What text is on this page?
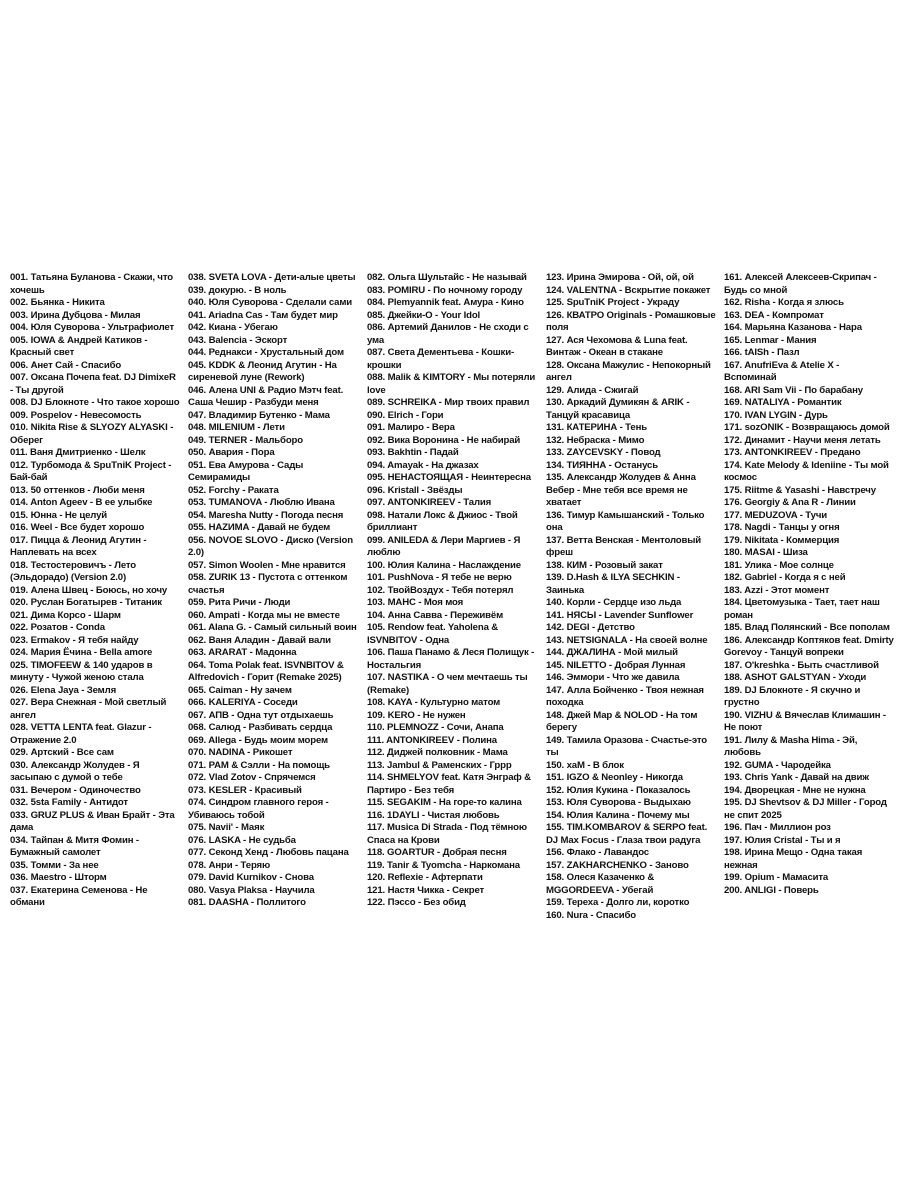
001. Татьяна Буланова - Скажи, что хочешь
002. Бьянка - Никита
003. Ирина Дубцова - Милая
004. Юля Суворова - Ультрафиолет
005. IOWA & Андрей Катиков - Красный свет
006. Анет Сай - Спасибо
007. Оксана Почепа feat. DJ DimixeR - Ты другой
008. DJ Блокнотe - Что такое хорошо
009. Pospelov - Невесомость
010. Nikita Rise & SLYOZY ALYASKI - Оберег
011. Ваня Дмитриенко - Шелк
012. Турбомода & SpuTniK Project - Бай-бай
013. 50 оттенков - Люби меня
014. Anton Ageev - В ее улыбке
015. Юнна - Не целуй
016. Weel - Все будет хорошо
017. Пицца & Леонид Агутин - Наплевать на всех
018. Тестостеровичъ - Лето (Эльдорадо) (Version 2.0)
019. Алена Швец - Боюсь, но хочу
020. Руслан Богатырев - Титаник
021. Дима Корсо - Шарм
022. Розатов - Conda
023. Ermakov - Я тебя найду
024. Мария Ёчина - Bella amore
025. TIMOFEEW & 140 ударов в минуту - Чужой женою стала
026. Elena Jaya - Земля
027. Вера Снежная - Мой светлый ангел
028. VETTA LENTA feat. Glazur - Отражение 2.0
029. Артский - Все сам
030. Александр Жолудев - Я засыпаю с думой о тебе
031. Вечером - Одиночество
032. 5sta Family - Антидот
033. GRUZ PLUS & Иван Брайт - Эта дама
034. Тайпан & Митя Фомин - Бумажный самолет
035. Томми - За нее
036. Maestro - Шторм
037. Екатерина Семенова - Не обмани
038. SVETA LOVA - Дети-алые цветы
039. докурю. - В ноль
040. Юля Суворова - Сделали сами
041. Ariadna Cas - Там будет мир
042. Киана - Убегаю
043. Balencia - Эскорт
044. Реднакси - Хрустальный дом
045. KDDK & Леонид Агутин - На сиреневой луне (Rework)
046. Алена UNI & Радио Мэтч feat. Саша Чешир - Разбуди меня
047. Владимир Бутенко - Мама
048. MILENIUM - Лети
049. TERNER - Мальборо
050. Авария - Пора
051. Ева Амурова - Сады Семирамиды
052. Forchy - Раката
053. TUMANOVA - Люблю Ивана
054. Maresha Nutty - Погода песня
055. HAZИМА - Давай не будем
056. NOVOE SLOVO - Диско (Version 2.0)
057. Simon Woolen - Мне нравится
058. ZURIK 13 - Пустота с оттенком счастья
059. Рита Ричи - Люди
060. Ampati - Когда мы не вместе
061. Alana G. - Самый сильный воин
062. Ваня Аладин - Давай вали
063. ARARAT - Мадонна
064. Toma Polak feat. ISVNBITOV & Alfredovich - Горит (Remake 2025)
065. Caiman - Ну зачем
066. KALERIYA - Соседи
067. АПВ - Одна тут отдыхаешь
068. Салюд - Разбивать сердца
069. Allega - Будь моим морем
070. NADINA - Рикошет
071. PAM & Сэлли - На помощь
072. Vlad Zotov - Спрячемся
073. KESLER - Красивый
074. Синдром главного героя - Убиваюсь тобой
075. Navii' - Маяк
076. LASKA - Не судьба
077. Секонд Хенд - Любовь пацана
078. Анри - Теряю
079. David Kurnikov - Снова
080. Vasya Plaksa - Научила
081. DAASHA - Поллитого
082. Ольга Шультайс - Не называй
083. POMIRU - По ночному городу
084. Plemyannik feat. Амура - Кино
085. Джейки-О - Your Idol
086. Артемий Данилов - Не сходи с ума
087. Света Дементьева - Кошки-крошки
088. Malik & KIMTORY - Мы потеряли love
089. SCHREIKA - Мир твоих правил
090. Elrich - Гори
091. Малиро - Вера
092. Вика Воронина - Не набирай
093. Bakhtin - Падай
094. Amayak - На джазах
095. НЕНАСТОЯЩАЯ - Неинтересна
096. Kristall - Звёзды
097. ANTONKIREEV - Талия
098. Натали Локс & Джиос - Твой бриллиант
099. ANILEDA & Лери Маргиев - Я люблю
100. Юлия Калина - Наслаждение
101. PushNova - Я тебе не верю
102. ТвойВоздух - Тебя потерял
103. МАНС - Моя моя
104. Анна Савва - Переживём
105. Rendow feat. Yaholena & ISVNBITOV - Одна
106. Паша Панамо & Леся Полищук - Ностальгия
107. NASTIKA - О чем мечтаешь ты (Remake)
108. KAYA - Культурно матом
109. KERO - Не нужен
110. PLEMNOZZ - Сочи, Анапа
111. ANTONKIREEV - Полина
112. Диджей полковник - Мама
113. Jambul & Раменских - Гррр
114. SHMELYOV feat. Катя Энграф & Партиро - Без тебя
115. SEGAKIM - На горе-то калина
116. 1DAYLI - Чистая любовь
117. Musica Di Strada - Под тёмною Спаса на Крови
118. GOARTUR - Добрая песня
119. Tanir & Tyomcha - Наркомана
120. Reflexie - Афтерпати
121. Настя Чикка - Секрет
122. Пэссо - Без обид
123. Ирина Эмирова - Ой, ой, ой
124. VALENTNA - Вскрытие покажет
125. SpuTniK Project - Украду
126. КВАТРО Originals - Ромашковые поля
127. Ася Чехомова & Luna feat. Винтаж - Океан в стакане
128. Оксана Мажулис - Непокорный ангел
129. Алида - Сжигай
130. Аркадий Думикян & ARIK - Танцуй красавица
131. КАТЕРИНА - Тень
132. Небраска - Мимо
133. ZAYCEVSKY - Повод
134. ТИЯННА - Останусь
135. Александр Жолудев & Анна Вебер - Мне тебя все время не хватает
136. Тимур Камышанский - Только она
137. Ветта Венская - Ментоловый фреш
138. КИМ - Розовый закат
139. D.Hash & ILYA SECHKIN - Заинька
140. Корли - Сердце изо льда
141. НЯСЫ - Lavender Sunflower
142. DEGI - Детство
143. NETSIGNALA - На своей волне
144. ДЖАЛИНА - Мой милый
145. NILETTO - Добрая Лунная
146. Эммори - Что же давила
147. Алла Бойченко - Твоя нежная походка
148. Джей Мар & NOLOD - На том берегу
149. Тамила Оразова - Счастье-это ты
150. хаМ - В блок
151. IGZO & Neonley - Никогда
152. Юлия Кукина - Показалось
153. Юля Суворова - Выдыхаю
154. Юлия Калина - Почему мы
155. TIM.KOMBAROV & SERPO feat. DJ Max Focus - Глаза твои радуга
156. Флако - Лавандос
157. ZAKHARCHENKO - Заново
158. Олеся Казаченко & MGGORDEEVA - Убегай
159. Тереха - Долго ли, коротко
160. Nura - Спасибо
161. Алексей Алексеев-Скрипач - Будь со мной
162. Risha - Когда я злюсь
163. DEA - Компромат
164. Марьяна Казанова - Нара
165. Lenmar - Мания
166. tAISh - Пазл
167. AnufriEva & Atelie X - Вспоминай
168. ARI Sam Vii - По барабану
169. NATALIYA - Романтик
170. IVAN LYGIN - Дурь
171. sozONIK - Возвращаюсь домой
172. Динамит - Научи меня летать
173. ANTONKIREEV - Предано
174. Kate Melody & Ideniine - Ты мой космос
175. Riitme & Yasashi - Навстречу
176. Georgiy & Ana R - Линии
177. MEDUZOVA - Тучи
178. Nagdi - Танцы у огня
179. Nikitata - Коммерция
180. MASAI - Шиза
181. Улика - Мое солнце
182. Gabriel - Когда я с ней
183. Azzi - Этот момент
184. Цветомузыка - Тает, тает наш роман
185. Влад Полянский - Все пополам
186. Александр Коптяков feat. Dmirty Gorevoy - Танцуй вопреки
187. O'kreshka - Быть счастливой
188. ASHOT GALSTYAN - Уходи
189. DJ Блокнотe - Я скучно и грустно
190. VIZHU & Вячеслав Климашин - Не поют
191. Лилу & Masha Hima - Эй, любовь
192. GUMA - Чародейка
193. Chris Yank - Давай на движ
194. Дворецкая - Мне не нужна
195. DJ Shevtsov & DJ Miller - Город не спит 2025
196. Пач - Миллион роз
197. Юлия Cristal - Ты и я
198. Ирина Мещо - Одна такая нежная
199. Opium - Мамасита
200. ANLIGI - Поверь
